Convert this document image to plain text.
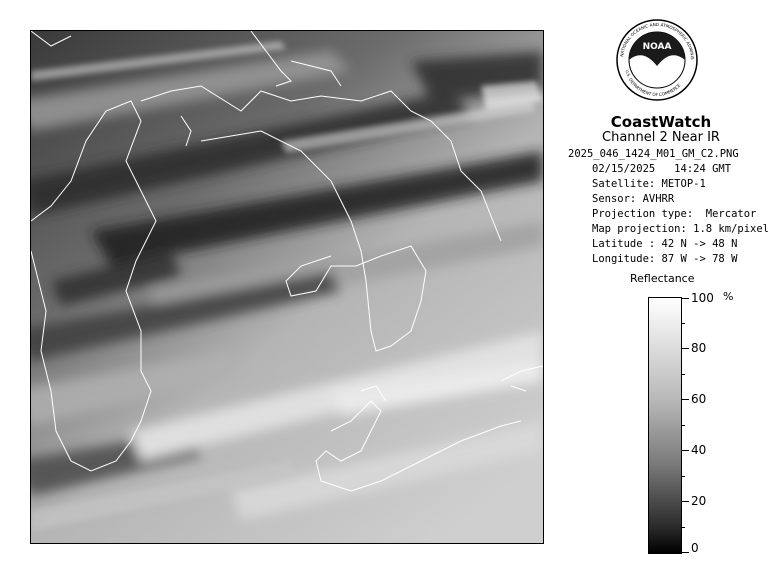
NOAA
NATIONAL OCEANIC AND ATMOSPHERIC ADMINIS
U.S. DEPARTMENT OF COMMERCE
CoastWatch
Channel 2 Near IR
2025_046_1424_M01_GM_C2.PNG
02/15/2025   14:24 GMT
Satellite: METOP-1
Sensor: AVHRR
Projection type:  Mercator
Map projection: 1.8 km/pixel
Latitude : 42 N -> 48 N
Longitude: 87 W -> 78 W
Reflectance
%
100
80
60
40
20
0
